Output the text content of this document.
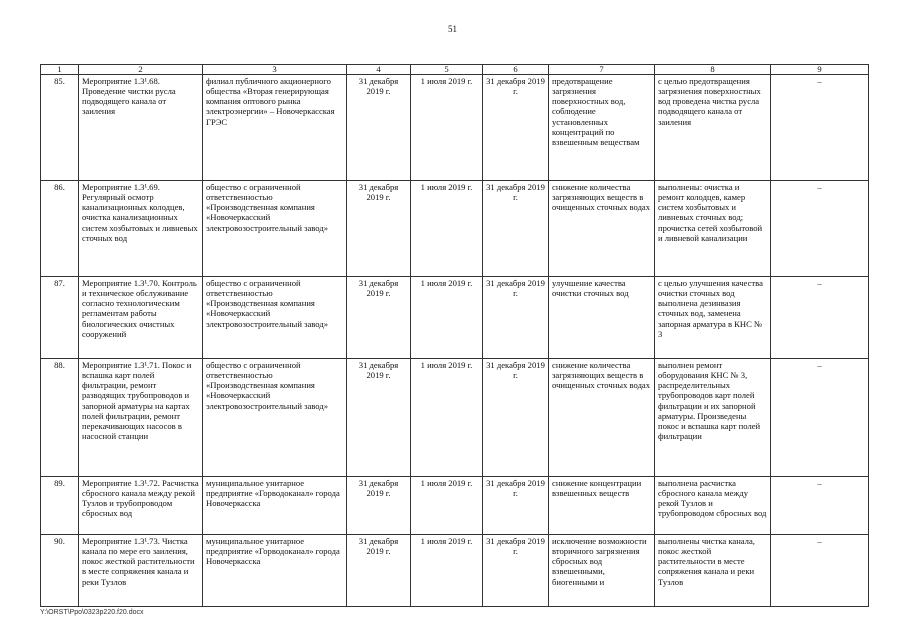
51
1	2	3	4	5	6	7	8	9
85.	Мероприятие 1.3¹.68. Проведение чистки русла подводящего канала от заиления	филиал публичного акционерного общества «Вторая генерирующая компания оптового рынка электроэнергии» – Новочеркасская ГРЭС	31 декабря 2019 г.	1 июля 2019 г.	31 декабря 2019 г.	предотвращение загрязнения поверхностных вод, соблюдение установленных концентраций по взвешенным веществам	с целью предотвращения загрязнения поверхностных вод проведена чистка русла подводящего канала от заиления	–
86.	Мероприятие 1.3¹.69. Регулярный осмотр канализационных колодцев, очистка канализационных систем хозбытовых и ливневых сточных вод	общество с ограниченной ответственностью «Производственная компания «Новочеркасский электровозостроительный завод»	31 декабря 2019 г.	1 июля 2019 г.	31 декабря 2019 г.	снижение количества загрязняющих веществ в очищенных сточных водах	выполнены: очистка и ремонт колодцев, камер систем хозбытовых и ливневых сточных вод; прочистка сетей хозбытовой и ливневой канализации	–
87.	Мероприятие 1.3¹.70. Контроль и техническое обслуживание согласно технологическим регламентам работы биологических очистных сооружений	общество с ограниченной ответственностью «Производственная компания «Новочеркасский электровозостроительный завод»	31 декабря 2019 г.	1 июля 2019 г.	31 декабря 2019 г.	улучшение качества очистки сточных вод	с целью улучшения качества очистки сточных вод выполнена дезинвазия сточных вод, заменена запорная арматура в КНС № 3	–
88.	Мероприятие 1.3¹.71. Покос и вспашка карт полей фильтрации, ремонт разводящих трубопроводов и запорной арматуры на картах полей фильтрации, ремонт перекачивающих насосов в насосной станции	общество с ограниченной ответственностью «Производственная компания «Новочеркасский электровозостроительный завод»	31 декабря 2019 г.	1 июля 2019 г.	31 декабря 2019 г.	снижение количества загрязняющих веществ в очищенных сточных водах	выполнен ремонт оборудования КНС № 3, распределительных трубопроводов карт полей фильтрации и их запорной арматуры. Произведены покос и вспашка карт полей фильтрации	–
89.	Мероприятие 1.3¹.72. Расчистка сбросного канала между рекой Тузлов и трубопроводом сбросных вод	муниципальное унитарное предприятие «Горводоканал» города Новочеркасска	31 декабря 2019 г.	1 июля 2019 г.	31 декабря 2019 г.	снижение концентрации взвешенных веществ	выполнена расчистка сбросного канала между рекой Тузлов и трубопроводом сбросных вод	–
90.	Мероприятие 1.3¹.73. Чистка канала по мере его заиления, покос жесткой растительности в месте сопряжения канала и реки Тузлов	муниципальное унитарное предприятие «Горводоканал» города Новочеркасска	31 декабря 2019 г.	1 июля 2019 г.	31 декабря 2019 г.	исключение возможности вторичного загрязнения сбросных вод взвешенными, биогенными и	выполнены чистка канала, покос жесткой растительности в месте сопряжения канала и реки Тузлов	–
Y:\ORST\Ppo\0323p220.f20.docx
